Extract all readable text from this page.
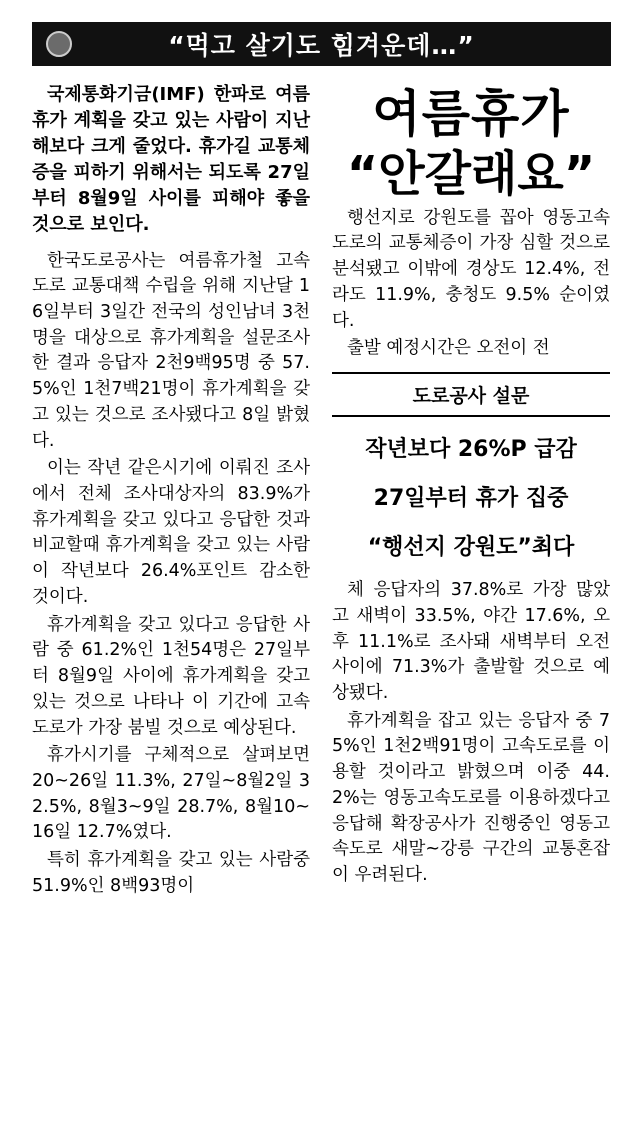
“먹고 살기도 힘겨운데…”

국제통화기금(IMF) 한파로 여름휴가 계획을 갖고 있는 사람이 지난해보다 크게 줄었다. 휴가길 교통체증을 피하기 위해서는 되도록 27일부터 8월9일 사이를 피해야 좋을 것으로 보인다.

한국도로공사는 여름휴가철 고속도로 교통대책 수립을 위해 지난달 16일부터 3일간 전국의 성인남녀 3천명을 대상으로 휴가계획을 설문조사한 결과 응답자 2천9백95명 중 57.5%인 1천7백21명이 휴가계획을 갖고 있는 것으로 조사됐다고 8일 밝혔다.

이는 작년 같은시기에 이뤄진 조사에서 전체 조사대상자의 83.9%가 휴가계획을 갖고 있다고 응답한 것과 비교할때 휴가계획을 갖고 있는 사람이 작년보다 26.4%포인트 감소한 것이다.

휴가계획을 갖고 있다고 응답한 사람 중 61.2%인 1천54명은 27일부터 8월9일 사이에 휴가계획을 갖고 있는 것으로 나타나 이 기간에 고속도로가 가장 붐빌 것으로 예상된다.

휴가시기를 구체적으로 살펴보면 20~26일 11.3%, 27일~8월2일 32.5%, 8월3~9일 28.7%, 8월10~16일 12.7%였다.

특히 휴가계획을 갖고 있는 사람중 51.9%인 8백93명이

여름휴가
“안갈래요”

행선지로 강원도를 꼽아 영동고속도로의 교통체증이 가장 심할 것으로 분석됐고 이밖에 경상도 12.4%, 전라도 11.9%, 충청도 9.5% 순이였다.

출발 예정시간은 오전이 전

도로공사 설문
작년보다 26%P 급감
27일부터 휴가 집중
“행선지 강원도”최다

체 응답자의 37.8%로 가장 많았고 새벽이 33.5%, 야간 17.6%, 오후 11.1%로 조사돼 새벽부터 오전 사이에 71.3%가 출발할 것으로 예상됐다.

휴가계획을 잡고 있는 응답자 중 75%인 1천2백91명이 고속도로를 이용할 것이라고 밝혔으며 이중 44.2%는 영동고속도로를 이용하겠다고 응답해 확장공사가 진행중인 영동고속도로 새말~강릉 구간의 교통혼잡이 우려된다.
